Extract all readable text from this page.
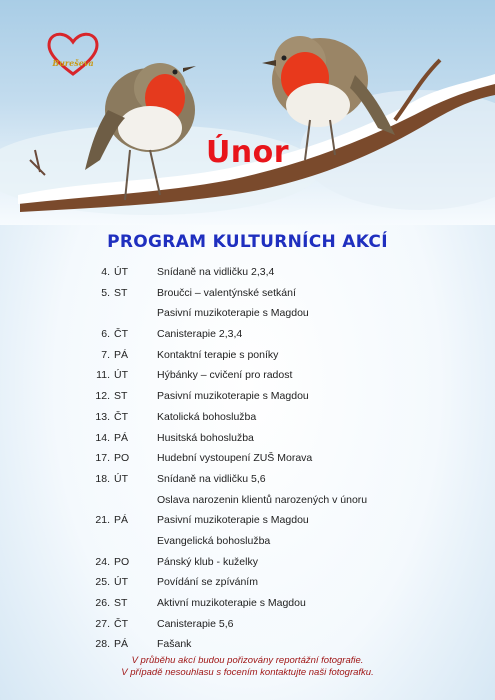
Bureševa
Únor
PROGRAM KULTURNÍCH AKCÍ
4. ÚT	Snídaně na vidličku 2,3,4
5. ST	Broučci – valentýnské setkání
Pasivní muzikoterapie s Magdou
6. ČT	Canisterapie 2,3,4
7. PÁ	Kontaktní terapie s poníky
11. ÚT	Hýbánky – cvičení pro radost
12. ST	Pasivní muzikoterapie s Magdou
13. ČT	Katolická bohoslužba
14. PÁ	Husitská bohoslužba
17. PO	Hudební vystoupení ZUŠ Morava
18. ÚT	Snídaně na vidličku 5,6
Oslava narozenin klientů narozených v únoru
21. PÁ	Pasivní muzikoterapie s Magdou
Evangelická bohoslužba
24. PO	Pánský klub - kuželky
25. ÚT	Povídání se zpíváním
26. ST	Aktivní muzikoterapie s Magdou
27. ČT	Canisterapie 5,6
28. PÁ	Fašank
V průběhu akcí budou pořizovány reportážní fotografie.
V případě nesouhlasu s focením kontaktujte naši fotografku.
